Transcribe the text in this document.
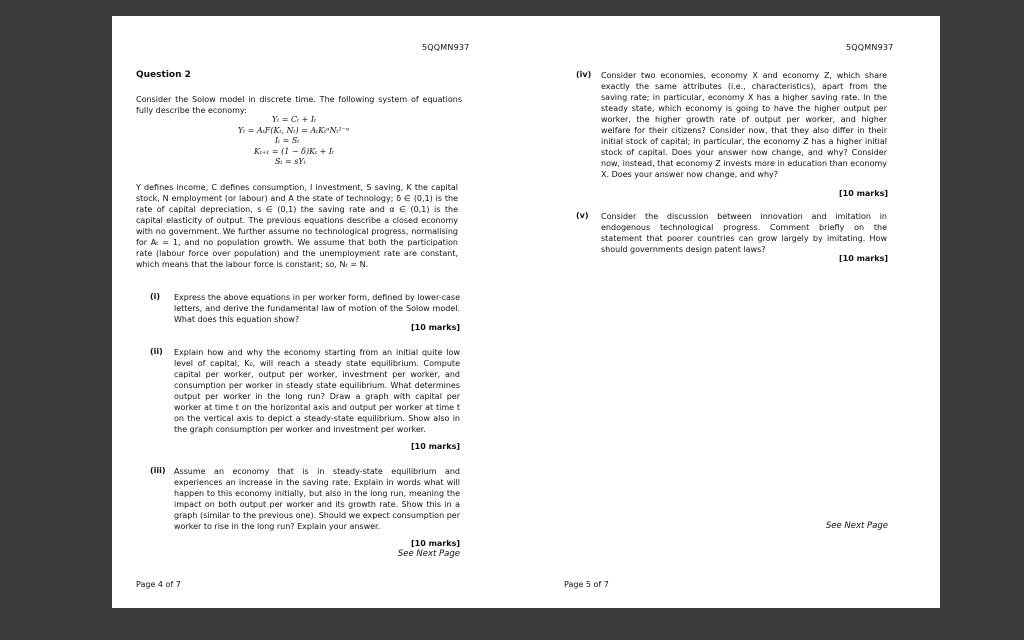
5QQMN937
Question 2
Consider the Solow model in discrete time. The following system of equations fully describe the economy:
Yₜ = Cₜ + Iₜ
Yₜ = AₜF(Kₜ, Nₜ) = AₜKₜᵅNₜ¹⁻ᵅ
Iₜ = Sₜ
Kₜ₊₁ = (1 − δ)Kₜ + Iₜ
Sₜ = sYₜ
Y defines income, C defines consumption, I investment, S saving, K the capital stock, N employment (or labour) and A the state of technology; δ ∈ (0,1) is the rate of capital depreciation, s ∈ (0,1) the saving rate and α ∈ (0,1) is the capital elasticity of output. The previous equations describe a closed economy with no government. We further assume no technological progress, normalising for Aₜ = 1, and no population growth. We assume that both the participation rate (labour force over population) and the unemployment rate are constant, which means that the labour force is constant; so, Nₜ = N.
(i) Express the above equations in per worker form, defined by lower-case letters, and derive the fundamental law of motion of the Solow model. What does this equation show?
[10 marks]
(ii) Explain how and why the economy starting from an initial quite low level of capital, K₀, will reach a steady state equilibrium. Compute capital per worker, output per worker, investment per worker, and consumption per worker in steady state equilibrium. What determines output per worker in the long run? Draw a graph with capital per worker at time t on the horizontal axis and output per worker at time t on the vertical axis to depict a steady-state equilibrium. Show also in the graph consumption per worker and investment per worker.
[10 marks]
(iii) Assume an economy that is in steady-state equilibrium and experiences an increase in the saving rate. Explain in words what will happen to this economy initially, but also in the long run, meaning the impact on both output per worker and its growth rate. Show this in a graph (similar to the previous one). Should we expect consumption per worker to rise in the long run? Explain your answer.
[10 marks]
See Next Page
Page 4 of 7
5QQMN937
(iv) Consider two economies, economy X and economy Z, which share exactly the same attributes (i.e., characteristics), apart from the saving rate; in particular, economy X has a higher saving rate. In the steady state, which economy is going to have the higher output per worker, the higher growth rate of output per worker, and higher welfare for their citizens? Consider now, that they also differ in their initial stock of capital; in particular, the economy Z has a higher initial stock of capital. Does your answer now change, and why? Consider now, instead, that economy Z invests more in education than economy X. Does your answer now change, and why?
[10 marks]
(v) Consider the discussion between innovation and imitation in endogenous technological progress. Comment briefly on the statement that poorer countries can grow largely by imitating. How should governments design patent laws?
[10 marks]
See Next Page
Page 5 of 7
